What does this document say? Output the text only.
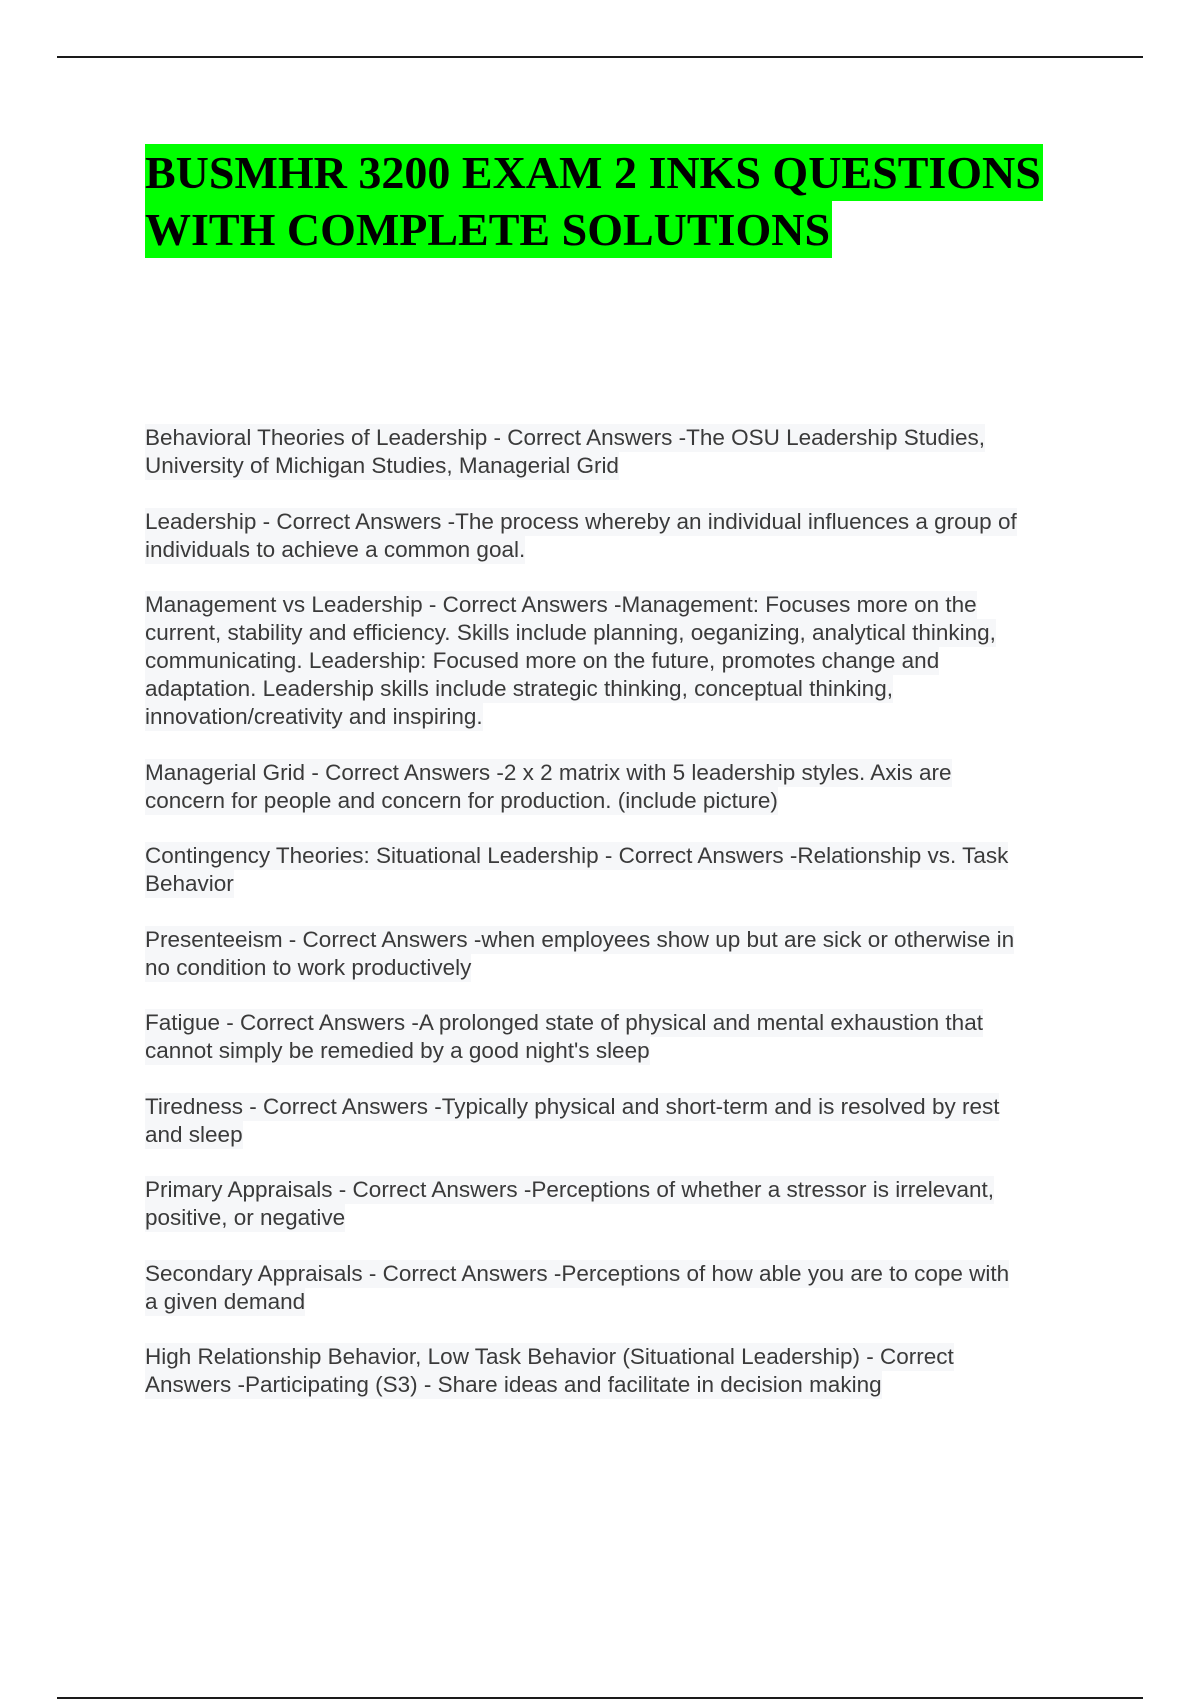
BUSMHR 3200 EXAM 2 INKS QUESTIONS
WITH COMPLETE SOLUTIONS
Behavioral Theories of Leadership - Correct Answers -The OSU Leadership Studies,
University of Michigan Studies, Managerial Grid
Leadership - Correct Answers -The process whereby an individual influences a group of
individuals to achieve a common goal.
Management vs Leadership - Correct Answers -Management: Focuses more on the
current, stability and efficiency. Skills include planning, oeganizing, analytical thinking,
communicating. Leadership: Focused more on the future, promotes change and
adaptation. Leadership skills include strategic thinking, conceptual thinking,
innovation/creativity and inspiring.
Managerial Grid - Correct Answers -2 x 2 matrix with 5 leadership styles. Axis are
concern for people and concern for production. (include picture)
Contingency Theories: Situational Leadership - Correct Answers -Relationship vs. Task
Behavior
Presenteeism - Correct Answers -when employees show up but are sick or otherwise in
no condition to work productively
Fatigue - Correct Answers -A prolonged state of physical and mental exhaustion that
cannot simply be remedied by a good night's sleep
Tiredness - Correct Answers -Typically physical and short-term and is resolved by rest
and sleep
Primary Appraisals - Correct Answers -Perceptions of whether a stressor is irrelevant,
positive, or negative
Secondary Appraisals - Correct Answers -Perceptions of how able you are to cope with
a given demand
High Relationship Behavior, Low Task Behavior (Situational Leadership) - Correct
Answers -Participating (S3) - Share ideas and facilitate in decision making
